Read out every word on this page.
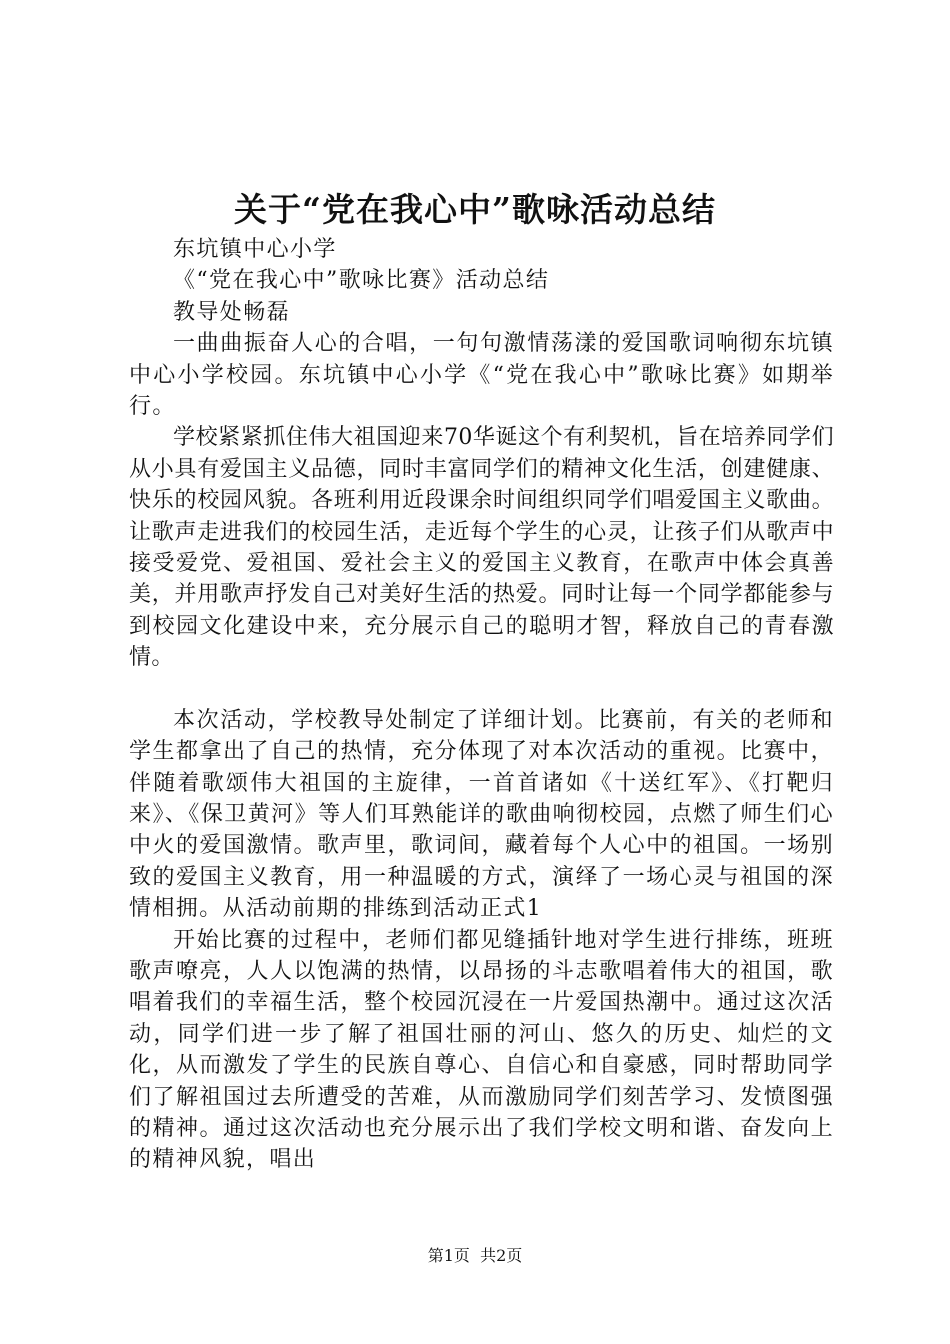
关于“党在我心中”歌咏活动总结

东坑镇中心小学

《“党在我心中”歌咏比赛》活动总结

教导处畅磊

一曲曲振奋人心的合唱，一句句激情荡漾的爱国歌词响彻东坑镇中心小学校园。东坑镇中心小学《“党在我心中”歌咏比赛》如期举行。

学校紧紧抓住伟大祖国迎来70华诞这个有利契机，旨在培养同学们从小具有爱国主义品德，同时丰富同学们的精神文化生活，创建健康、快乐的校园风貌。各班利用近段课余时间组织同学们唱爱国主义歌曲。让歌声走进我们的校园生活，走近每个学生的心灵，让孩子们从歌声中接受爱党、爱祖国、爱社会主义的爱国主义教育，在歌声中体会真善美，并用歌声抒发自己对美好生活的热爱。同时让每一个同学都能参与到校园文化建设中来，充分展示自己的聪明才智，释放自己的青春激情。

本次活动，学校教导处制定了详细计划。比赛前，有关的老师和学生都拿出了自己的热情，充分体现了对本次活动的重视。比赛中，伴随着歌颂伟大祖国的主旋律，一首首诸如《十送红军》、《打靶归来》、《保卫黄河》等人们耳熟能详的歌曲响彻校园，点燃了师生们心中火的爱国激情。歌声里，歌词间，藏着每个人心中的祖国。一场别致的爱国主义教育，用一种温暖的方式，演绎了一场心灵与祖国的深情相拥。从活动前期的排练到活动正式1

开始比赛的过程中，老师们都见缝插针地对学生进行排练，班班歌声嘹亮，人人以饱满的热情，以昂扬的斗志歌唱着伟大的祖国，歌唱着我们的幸福生活，整个校园沉浸在一片爱国热潮中。通过这次活动，同学们进一步了解了祖国壮丽的河山、悠久的历史、灿烂的文化，从而激发了学生的民族自尊心、自信心和自豪感，同时帮助同学们了解祖国过去所遭受的苦难，从而激励同学们刻苦学习、发愤图强的精神。通过这次活动也充分展示出了我们学校文明和谐、奋发向上的精神风貌，唱出

第1页 共2页
